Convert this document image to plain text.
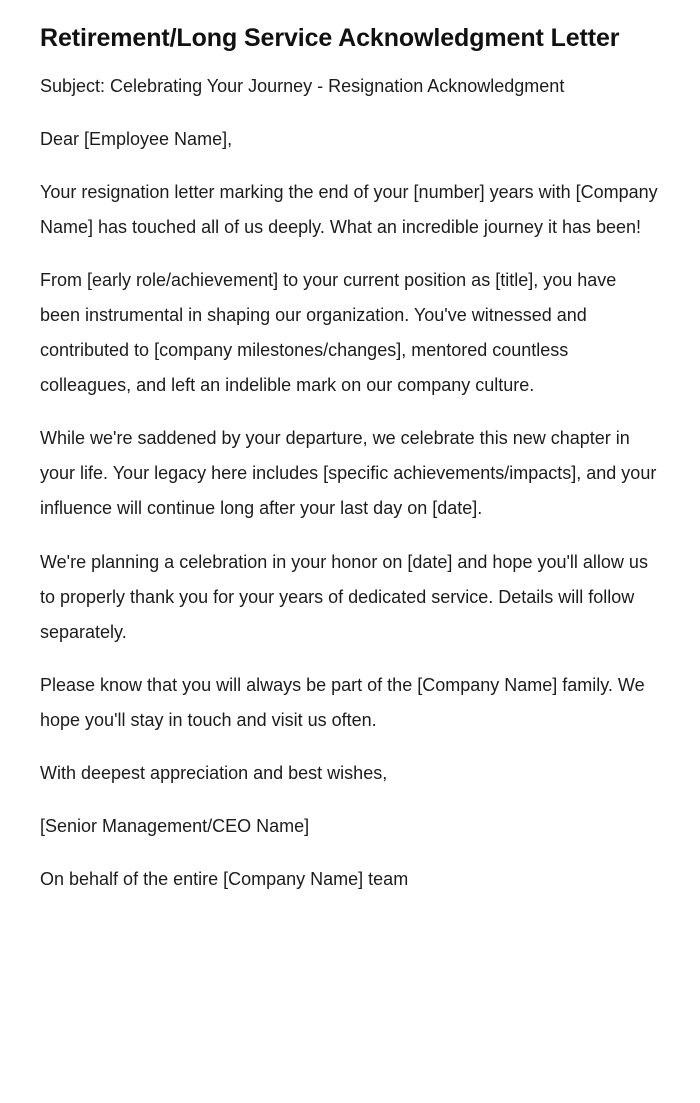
Retirement/Long Service Acknowledgment Letter

Subject: Celebrating Your Journey - Resignation Acknowledgment

Dear [Employee Name],

Your resignation letter marking the end of your [number] years with [Company Name] has touched all of us deeply. What an incredible journey it has been!

From [early role/achievement] to your current position as [title], you have been instrumental in shaping our organization. You've witnessed and contributed to [company milestones/changes], mentored countless colleagues, and left an indelible mark on our company culture.

While we're saddened by your departure, we celebrate this new chapter in your life. Your legacy here includes [specific achievements/impacts], and your influence will continue long after your last day on [date].

We're planning a celebration in your honor on [date] and hope you'll allow us to properly thank you for your years of dedicated service. Details will follow separately.

Please know that you will always be part of the [Company Name] family. We hope you'll stay in touch and visit us often.

With deepest appreciation and best wishes,

[Senior Management/CEO Name]

On behalf of the entire [Company Name] team
